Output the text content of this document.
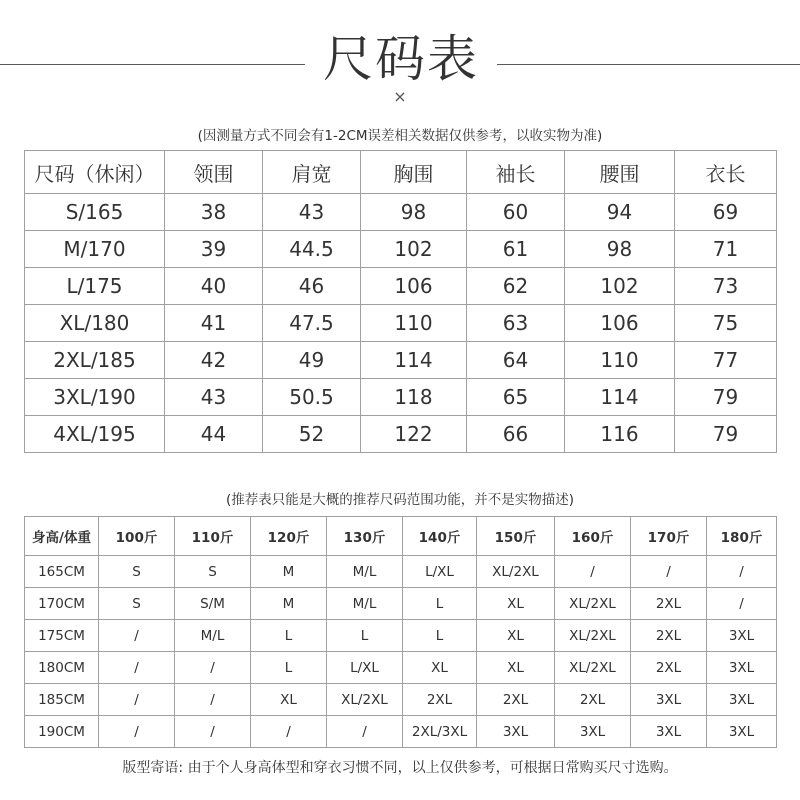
尺码表
×
(因测量方式不同会有1-2CM误差相关数据仅供参考，以收实物为准)
尺码（休闲）	领围	肩宽	胸围	袖长	腰围	衣长
S/165	38	43	98	60	94	69
M/170	39	44.5	102	61	98	71
L/175	40	46	106	62	102	73
XL/180	41	47.5	110	63	106	75
2XL/185	42	49	114	64	110	77
3XL/190	43	50.5	118	65	114	79
4XL/195	44	52	122	66	116	79
(推荐表只能是大概的推荐尺码范围功能，并不是实物描述)
身高/体重	100斤	110斤	120斤	130斤	140斤	150斤	160斤	170斤	180斤
165CM	S	S	M	M/L	L/XL	XL/2XL	/	/	/
170CM	S	S/M	M	M/L	L	XL	XL/2XL	2XL	/
175CM	/	M/L	L	L	L	XL	XL/2XL	2XL	3XL
180CM	/	/	L	L/XL	XL	XL	XL/2XL	2XL	3XL
185CM	/	/	XL	XL/2XL	2XL	2XL	2XL	3XL	3XL
190CM	/	/	/	/	2XL/3XL	3XL	3XL	3XL	3XL
版型寄语: 由于个人身高体型和穿衣习惯不同，以上仅供参考，可根据日常购买尺寸选购。
